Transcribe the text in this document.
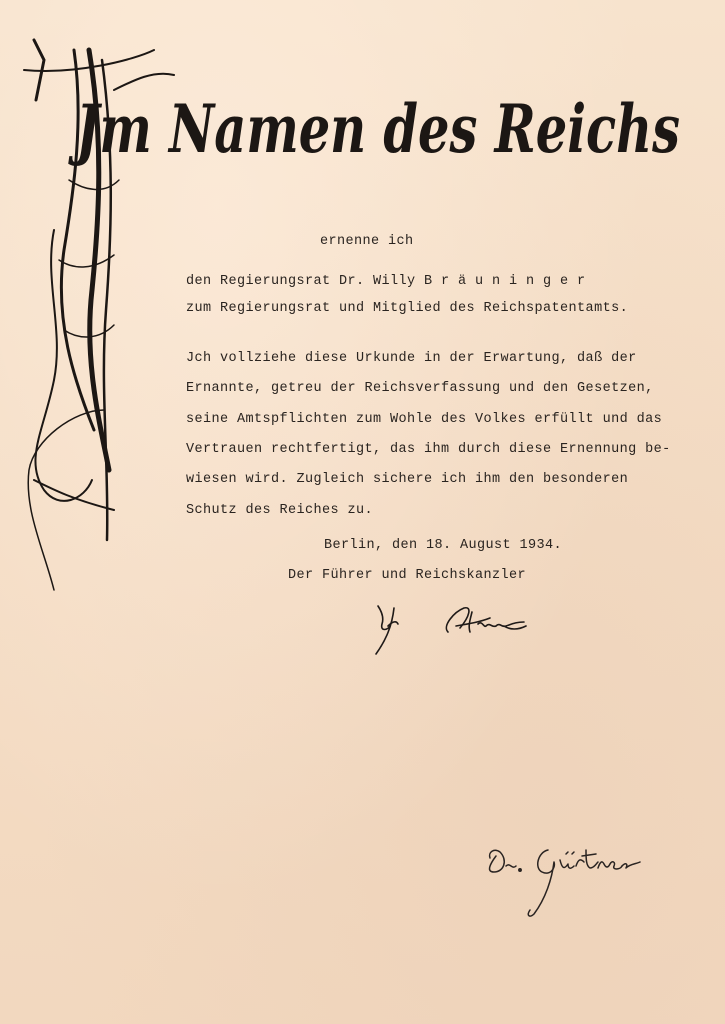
Jm Namen des Reichs
ernenne ich
den Regierungsrat Dr. Willy B r ä u n i n g e r
zum Regierungsrat und Mitglied des Reichspatentamts.
Jch vollziehe diese Urkunde in der Erwartung, daß der
Ernannte, getreu der Reichsverfassung und den Gesetzen,
seine Amtspflichten zum Wohle des Volkes erfüllt und das
Vertrauen rechtfertigt, das ihm durch diese Ernennung be-
wiesen wird. Zugleich sichere ich ihm den besonderen
Schutz des Reiches zu.
Berlin, den 18. August 1934.
Der Führer und Reichskanzler
